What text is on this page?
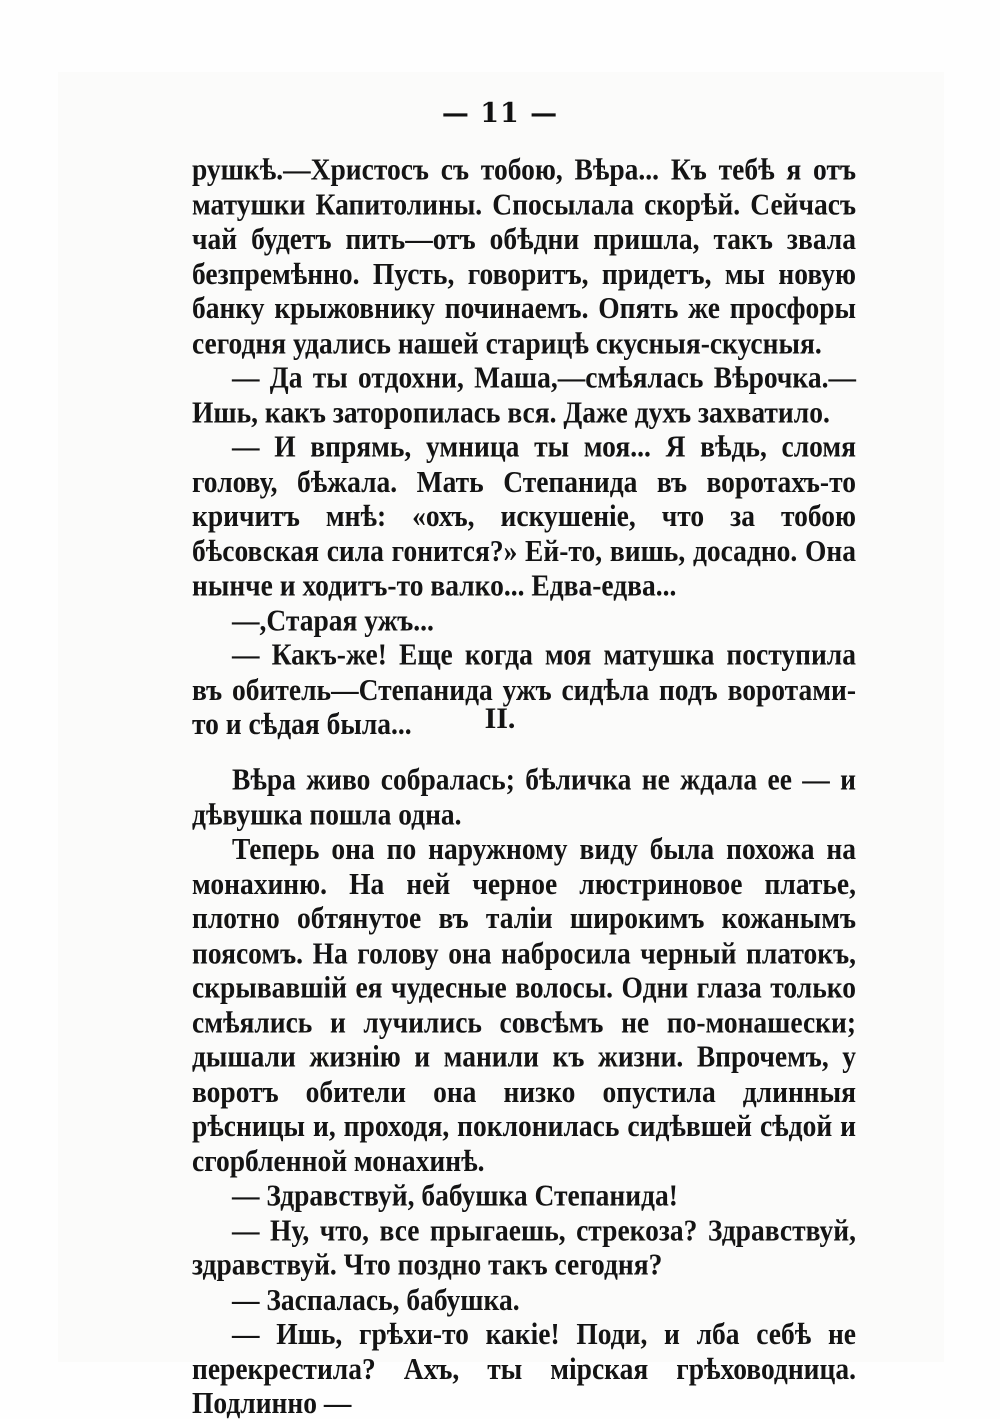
— 11 —

рушкѣ.—Христосъ съ тобою, Вѣра... Къ тебѣ я отъ матушки Капитолины. Спосылала скорѣй. Сейчасъ чай будетъ пить—отъ обѣдни пришла, такъ звала безпремѣнно. Пусть, говоритъ, придетъ, мы новую банку крыжовнику починаемъ. Опять же просфоры сегодня удались нашей старицѣ скусныя-скусныя.

— Да ты отдохни, Маша,—смѣялась Вѣрочка.—Ишь, какъ заторопилась вся. Даже духъ захватило.

— И впрямь, умница ты моя... Я вѣдь, сломя голову, бѣжала. Мать Степанида въ воротахъ-то кричитъ мнѣ: «охъ, искушеніе, что за тобою бѣсовская сила гонится?» Ей-то, вишь, досадно. Она нынче и ходитъ-то валко... Едва-едва...

—,Старая ужъ...

— Какъ-же! Еще когда моя матушка поступила въ обитель—Степанида ужъ сидѣла подъ воротами-то и сѣдая была...	II.

Вѣра живо собралась; бѣличка не ждала ее — и дѣвушка пошла одна.

Теперь она по наружному виду была похожа на монахиню. На ней черное люстриновое платье, плотно обтянутое въ таліи широкимъ кожанымъ поясомъ. На голову она набросила черный платокъ, скрывавшій ея чудесные волосы. Одни глаза только смѣялись и лучились совсѣмъ не по-монашески; дышали жизнію и манили къ жизни. Впрочемъ, у воротъ обители она низко опустила длинныя рѣсницы и, проходя, поклонилась сидѣвшей сѣдой и сгорбленной монахинѣ.

— Здравствуй, бабушка Степанида!

— Ну, что, все прыгаешь, стрекоза? Здравствуй, здравствуй. Что поздно такъ сегодня?

— Заспалась, бабушка.

— Ишь, грѣхи-то какіе! Поди, и лба себѣ не перекрестила? Ахъ, ты мірская грѣховодница. Подлинно —
